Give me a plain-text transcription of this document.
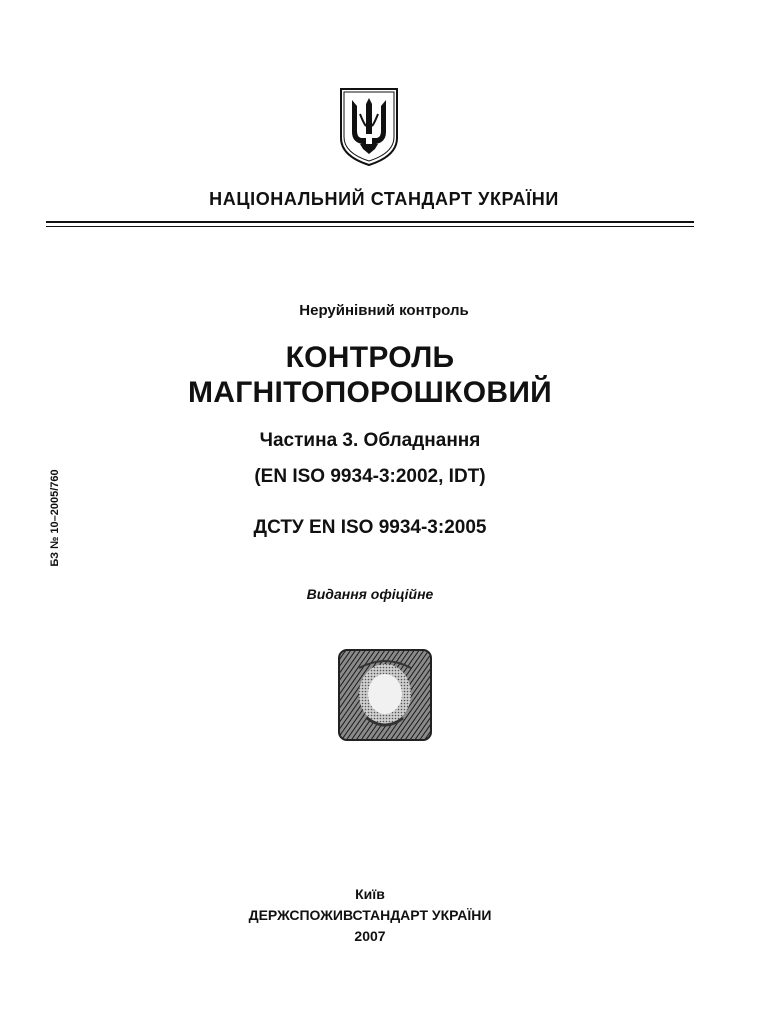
НАЦІОНАЛЬНИЙ СТАНДАРТ УКРАЇНИ
БЗ № 10–2005/760
Неруйнівний контроль
КОНТРОЛЬ
МАГНІТОПОРОШКОВИЙ
Частина 3. Обладнання
(EN ISO 9934-3:2002, IDT)
ДСТУ EN ISO 9934-3:2005
Видання офіційне
Київ
ДЕРЖСПОЖИВСТАНДАРТ УКРАЇНИ
2007
